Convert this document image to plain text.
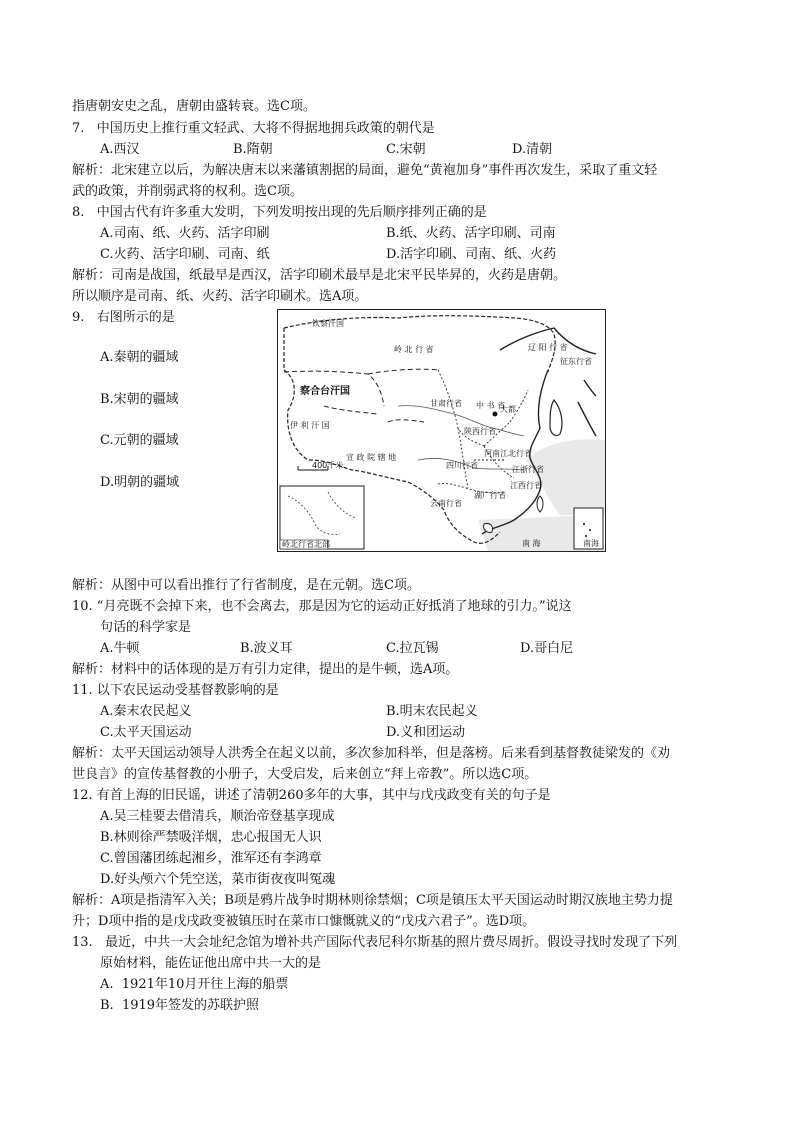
指唐朝安史之乱，唐朝由盛转衰。选C项。
7.   中国历史上推行重文轻武、大将不得据地拥兵政策的朝代是
A.西汉	B.隋朝	C.宋朝	D.清朝
解析：北宋建立以后，为解决唐末以来藩镇割据的局面，避免“黄袍加身”事件再次发生，采取了重文轻
武的政策，并削弱武将的权利。选C项。
8.   中国古代有许多重大发明，下列发明按出现的先后顺序排列正确的是
A.司南、纸、火药、活字印刷	B.纸、火药、活字印刷、司南
C.火药、活字印刷、司南、纸	D.活字印刷、司南、纸、火药
解析：司南是战国，纸最早是西汉，活字印刷术最早是北宋平民毕昇的，火药是唐朝。
所以顺序是司南、纸、火药、活字印刷术。选A项。
9.   右图所示的是
A.秦朝的疆域
B.宋朝的疆域
C.元朝的疆域
D.明朝的疆域
钦察汗国
岭 北 行 省
察合台汗国
伊 利 汗 国
甘肃行省 中 书 省
大都
辽 阳 行 省
征东行省
陕西行省
河南江北行省
宣 政 院 辖 地
四川行省	江浙行省
江西行省
湖广行省
云南行省
南 海
400千米
岭北行省北部	南海
解析：从图中可以看出推行了行省制度，是在元朝。选C项。
10. “月亮既不会掉下来，也不会离去，那是因为它的运动正好抵消了地球的引力。”说这
句话的科学家是
A.牛顿	B.波义耳	C.拉瓦锡	D.哥白尼
解析：材料中的话体现的是万有引力定律，提出的是牛顿，选A项。
11. 以下农民运动受基督教影响的是
A.秦末农民起义	B.明末农民起义
C.太平天国运动	D.义和团运动
解析：太平天国运动领导人洪秀全在起义以前，多次参加科举，但是落榜。后来看到基督教徒梁发的《劝
世良言》的宣传基督教的小册子，大受启发，后来创立“拜上帝教”。所以选C项。
12. 有首上海的旧民谣，讲述了清朝260多年的大事，其中与戊戌政变有关的句子是
A.吴三桂要去借清兵，顺治帝登基享现成
B.林则徐严禁吸洋烟，忠心报国无人识
C.曾国藩团练起湘乡，淮军还有李鸿章
D.好头颅六个凭空送，菜市街夜夜叫冤魂
解析：A项是指清军入关；B项是鸦片战争时期林则徐禁烟；C项是镇压太平天国运动时期汉族地主势力提
升；D项中指的是戊戌政变被镇压时在菜市口慷慨就义的“戊戌六君子”。选D项。
13.   最近，中共一大会址纪念馆为增补共产国际代表尼科尔斯基的照片费尽周折。假设寻找时发现了下列
原始材料，能佐证他出席中共一大的是
A.  1921年10月开往上海的船票
B.  1919年签发的苏联护照
